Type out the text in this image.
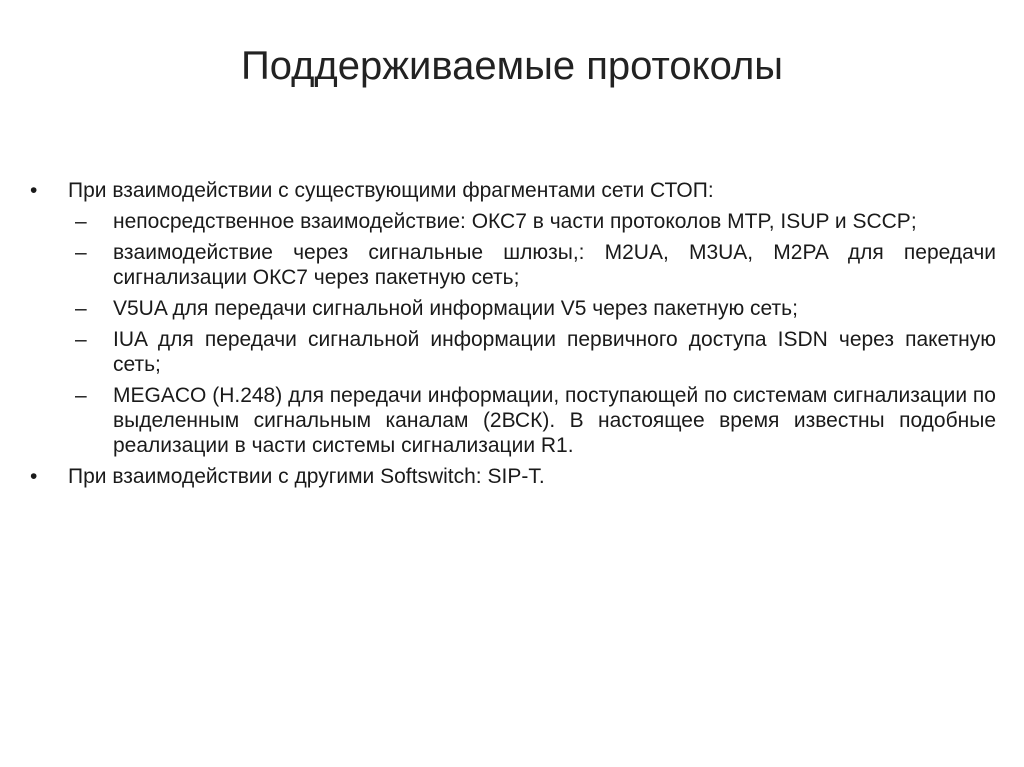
Поддерживаемые протоколы
•	При взаимодействии с существующими фрагментами сети СТОП:
–	непосредственное взаимодействие: ОКС7 в части протоколов MTP, ISUP и SCCP;
–	взаимодействие через сигнальные шлюзы,: M2UA, M3UA, M2PA для передачи сигнализации ОКС7 через пакетную сеть;
–	V5UA для передачи сигнальной информации V5 через пакетную сеть;
–	IUA для передачи сигнальной информации первичного доступа ISDN через пакетную сеть;
–	MEGACO (H.248) для передачи информации, поступающей по системам сигнализации по выделенным сигнальным каналам (2ВСК). В настоящее время известны подобные реализации в части системы сигнализации R1.
•	При взаимодействии с другими Softswitch: SIP-T.
